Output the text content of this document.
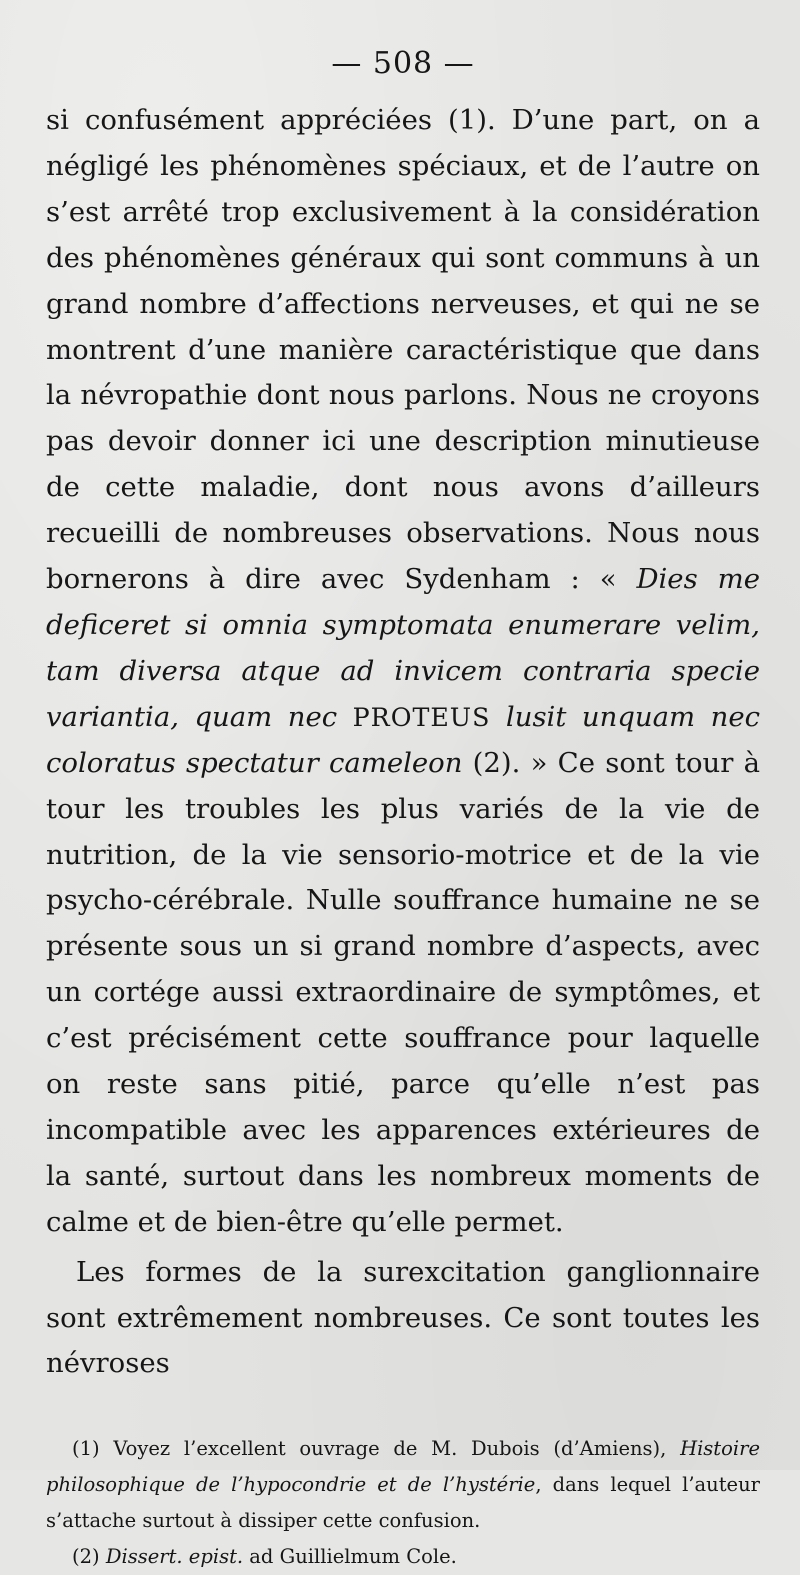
— 508 —

si confusément appréciées (1). D’une part, on a négligé les phénomènes spéciaux, et de l’autre on s’est arrêté trop exclusivement à la considération des phénomènes généraux qui sont communs à un grand nombre d’affections nerveuses, et qui ne se montrent d’une manière caractéristique que dans la névropathie dont nous parlons. Nous ne croyons pas devoir donner ici une description minutieuse de cette maladie, dont nous avons d’ailleurs recueilli de nombreuses observations. Nous nous bornerons à dire avec Sydenham : « Dies me deficeret si omnia symptomata enumerare velim, tam diversa atque ad invicem contraria specie variantia, quam nec PROTEUS lusit unquam nec coloratus spectatur cameleon (2). » Ce sont tour à tour les troubles les plus variés de la vie de nutrition, de la vie sensorio-motrice et de la vie psycho-cérébrale. Nulle souffrance humaine ne se présente sous un si grand nombre d’aspects, avec un cortége aussi extraordinaire de symptômes, et c’est précisément cette souffrance pour laquelle on reste sans pitié, parce qu’elle n’est pas incompatible avec les apparences extérieures de la santé, surtout dans les nombreux moments de calme et de bien-être qu’elle permet.

Les formes de la surexcitation ganglionnaire sont extrêmement nombreuses. Ce sont toutes les névroses

(1) Voyez l’excellent ouvrage de M. Dubois (d’Amiens), Histoire philosophique de l’hypocondrie et de l’hystérie, dans lequel l’auteur s’attache surtout à dissiper cette confusion.

(2) Dissert. epist. ad Guillielmum Cole.
